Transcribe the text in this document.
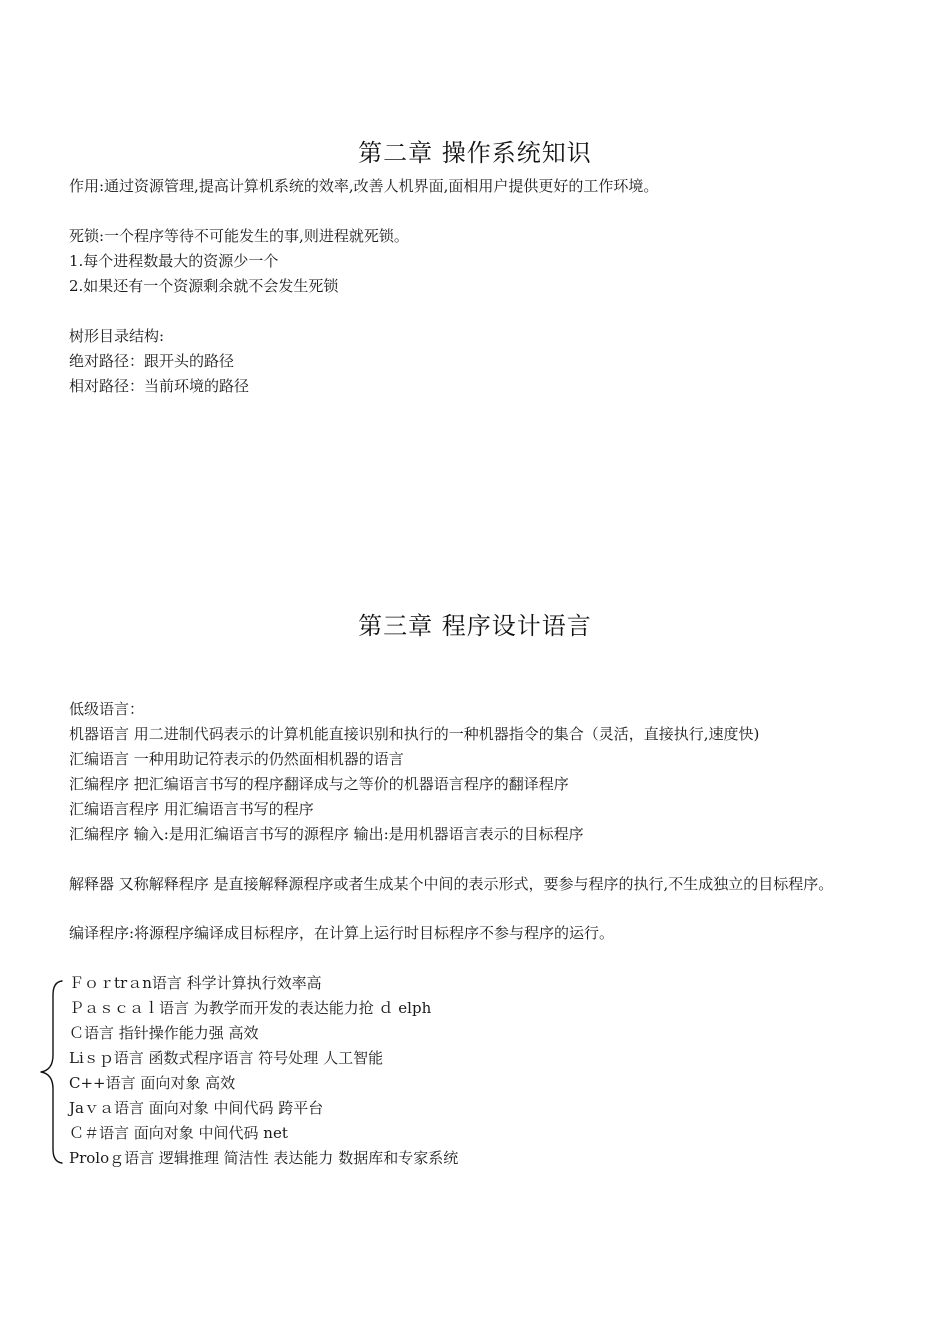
第二章 操作系统知识
作用:通过资源管理,提高计算机系统的效率,改善人机界面,面相用户提供更好的工作环境。
死锁:一个程序等待不可能发生的事,则进程就死锁。
1.每个进程数最大的资源少一个
2.如果还有一个资源剩余就不会发生死锁
树形目录结构:
绝对路径：跟开头的路径
相对路径：当前环境的路径
第三章 程序设计语言
低级语言：
机器语言 用二进制代码表示的计算机能直接识别和执行的一种机器指令的集合（灵活，直接执行,速度快)
汇编语言 一种用助记符表示的仍然面相机器的语言
汇编程序 把汇编语言书写的程序翻译成与之等价的机器语言程序的翻译程序
汇编语言程序 用汇编语言书写的程序
汇编程序 输入:是用汇编语言书写的源程序 输出:是用机器语言表示的目标程序
解释器 又称解释程序 是直接解释源程序或者生成某个中间的表示形式，要参与程序的执行,不生成独立的目标程序。
编译程序:将源程序编译成目标程序，在计算上运行时目标程序不参与程序的运行。
Ｆｏｒtrａn语言 科学计算执行效率高
Ｐａｓｃａｌ语言 为教学而开发的表达能力抢 ｄ elph
Ｃ语言 指针操作能力强 高效
Liｓｐ语言 函数式程序语言 符号处理 人工智能
C++语言 面向对象 高效
Jaｖａ语言 面向对象 中间代码 跨平台
Ｃ＃语言 面向对象 中间代码 net
Proloｇ语言 逻辑推理 简洁性 表达能力 数据库和专家系统
